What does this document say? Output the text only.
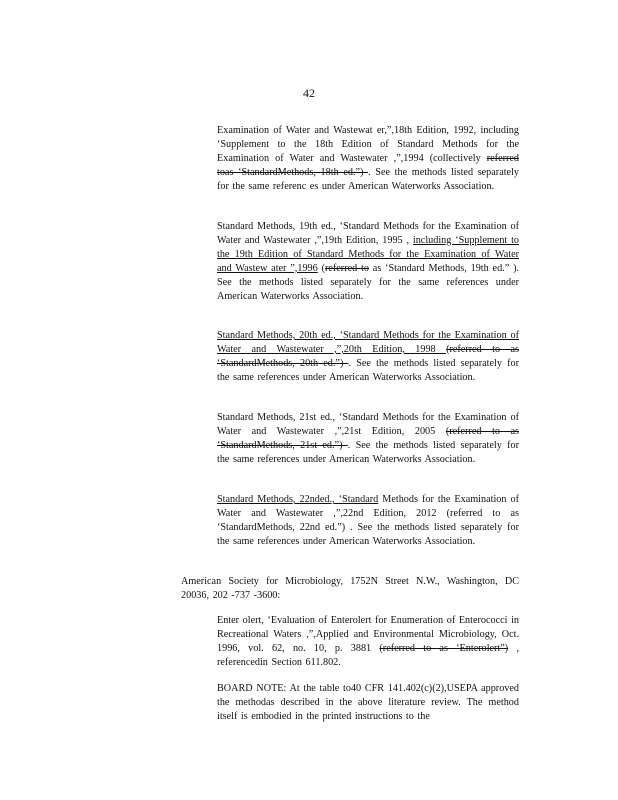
42
Examination of Water and Wastewat er,”,18th Edition, 1992, including ‘Supplement to the 18th Edition of Standard Methods for the Examination of Water and Wastewater ,”,1994 (collectively referred toas ‘StandardMethods, 18th ed.”) . See the methods listed separately for the same referenc es under American Waterworks Association.
Standard Methods, 19th ed., ‘Standard Methods for the Examination of Water and Wastewater ,”,19th Edition, 1995 , including ‘Supplement to the 19th Edition of Standard Methods for the Examination of Water and Wastew ater ”,1996 (referred to as ‘Standard Methods, 19th ed.” ). See the methods listed separately for the same references under American Waterworks Association.
Standard Methods, 20th ed., ‘Standard Methods for the Examination of Water and Wastewater ,”,20th Edition, 1998 (referred to as ‘StandardMethods, 20th ed.”) . See the methods listed separately for the same references under American Waterworks Association.
Standard Methods, 21st ed., ‘Standard Methods for the Examination of Water and Wastewater ,”,21st Edition, 2005 (referred to as ‘StandardMethods, 21st ed.”) . See the methods listed separately for the same references under American Waterworks Association.
Standard Methods, 22nded., ‘Standard Methods for the Examination of Water and Wastewater ,”,22nd Edition, 2012 (referred to as ‘StandardMethods, 22nd ed.”) . See the methods listed separately for the same references under American Waterworks Association.
American Society for Microbiology, 1752N Street N.W., Washington, DC 20036, 202 -737 -3600:
Enter olert, ‘Evaluation of Enterolert for Enumeration of Enterococci in Recreational Waters ,”,Applied and Environmental Microbiology, Oct. 1996, vol. 62, no. 10, p. 3881 (referred to as ‘Enterolert”) , referencedin Section 611.802.
BOARD NOTE: At the table to40 CFR 141.402(c)(2),USEPA approved the methodas described in the above literature review. The method itself is embodied in the printed instructions to the
